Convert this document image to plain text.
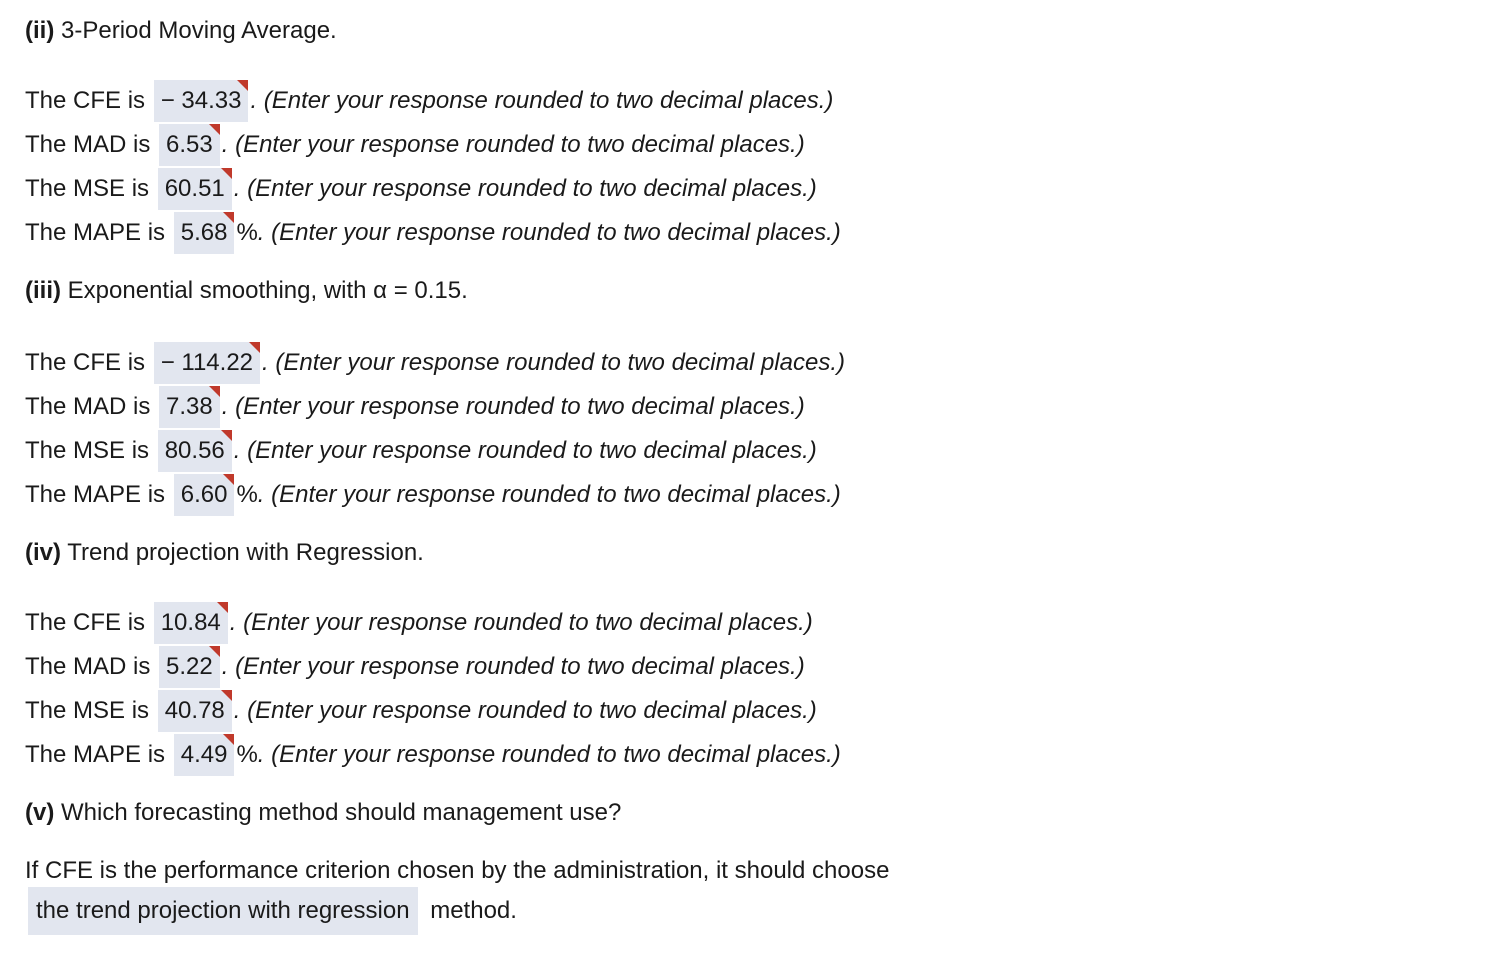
(ii) 3-Period Moving Average.
The CFE is − 34.33 . (Enter your response rounded to two decimal places.)
The MAD is 6.53 . (Enter your response rounded to two decimal places.)
The MSE is 60.51 . (Enter your response rounded to two decimal places.)
The MAPE is 5.68 %. (Enter your response rounded to two decimal places.)
(iii) Exponential smoothing, with α = 0.15.
The CFE is − 114.22 . (Enter your response rounded to two decimal places.)
The MAD is 7.38 . (Enter your response rounded to two decimal places.)
The MSE is 80.56 . (Enter your response rounded to two decimal places.)
The MAPE is 6.60 %. (Enter your response rounded to two decimal places.)
(iv) Trend projection with Regression.
The CFE is 10.84 . (Enter your response rounded to two decimal places.)
The MAD is 5.22 . (Enter your response rounded to two decimal places.)
The MSE is 40.78 . (Enter your response rounded to two decimal places.)
The MAPE is 4.49 %. (Enter your response rounded to two decimal places.)
(v) Which forecasting method should management use?
If CFE is the performance criterion chosen by the administration, it should choose
the trend projection with regression method.
